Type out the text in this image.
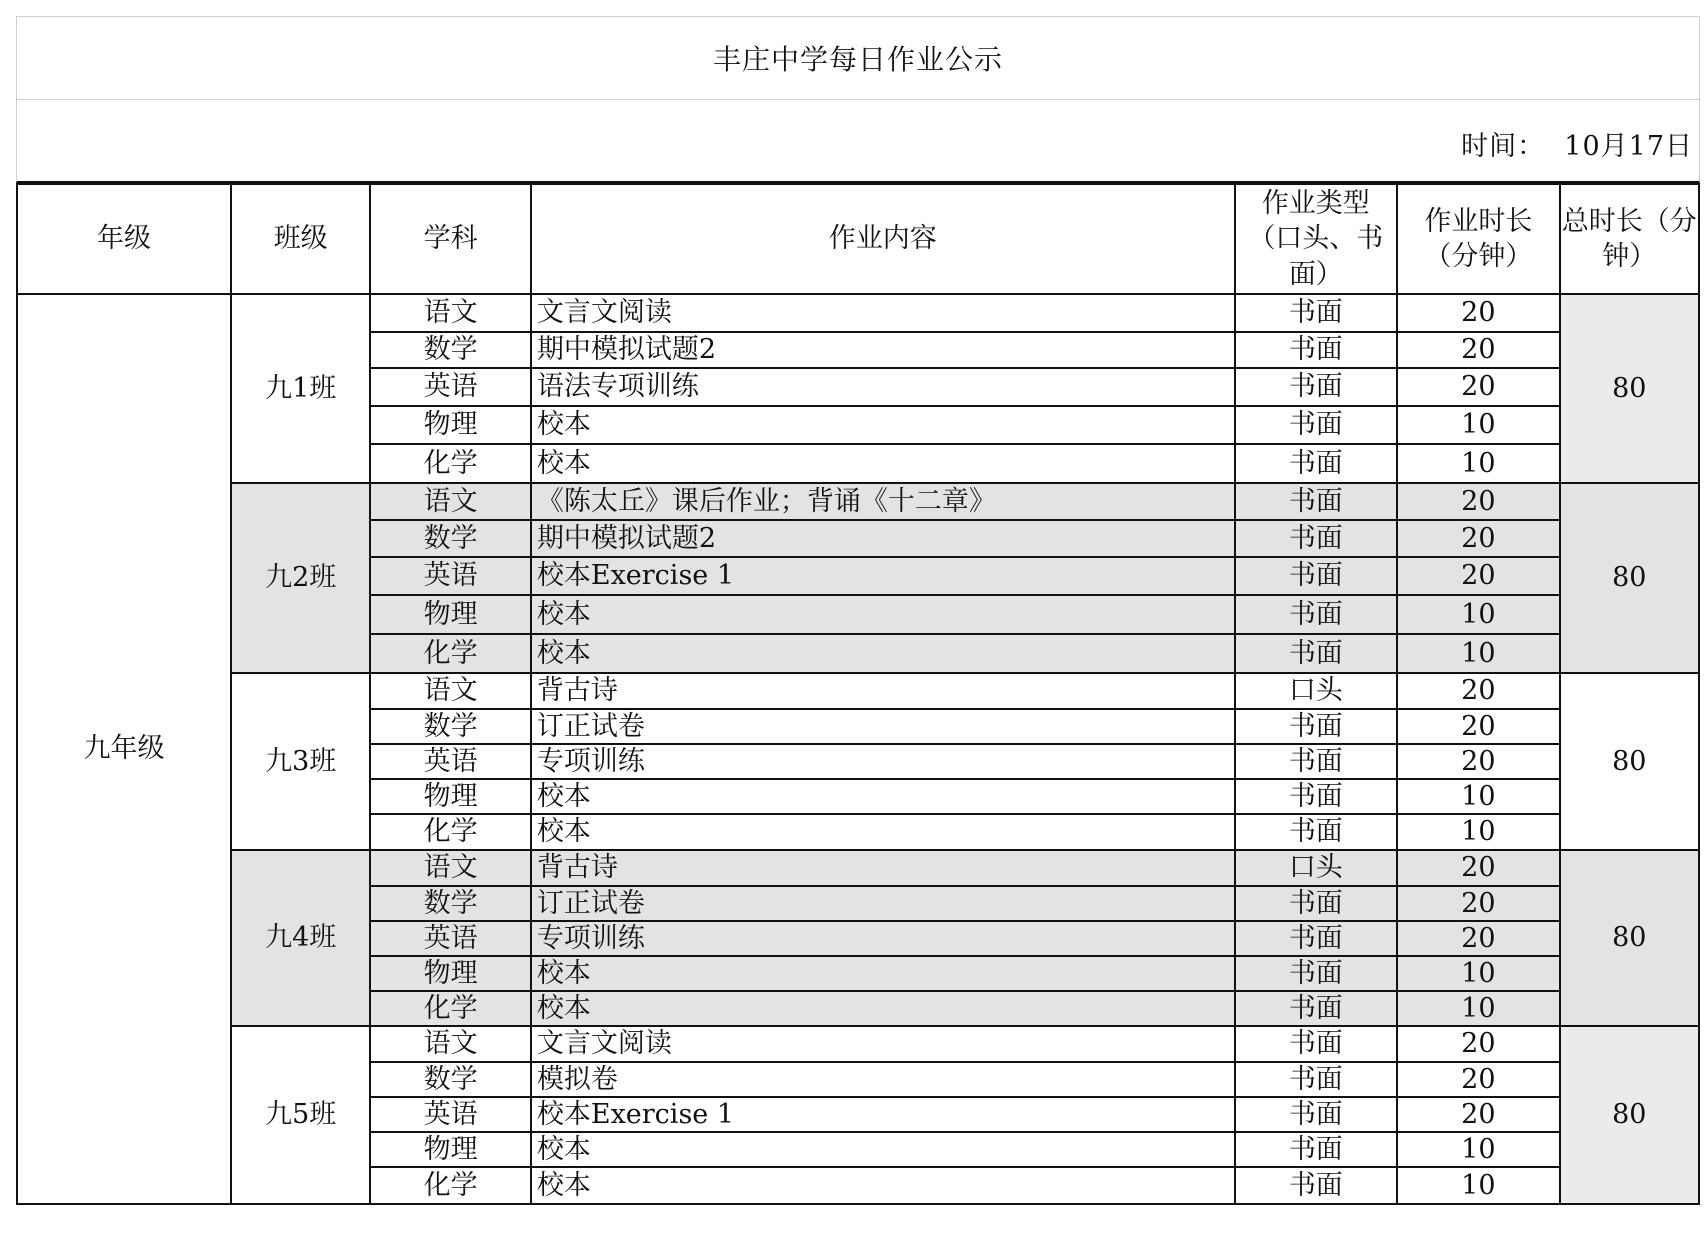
丰庄中学每日作业公示
时间： 10月17日
年级	班级	学科	作业内容	作业类型（口头、书面）	作业时长（分钟）	总时长（分钟）
九年级	九1班	语文	文言文阅读	书面	20	80
		数学	期中模拟试题2	书面	20	
		英语	语法专项训练	书面	20	
		物理	校本	书面	10	
		化学	校本	书面	10	
	九2班	语文	《陈太丘》课后作业；背诵《十二章》	书面	20	80
		数学	期中模拟试题2	书面	20	
		英语	校本Exercise 1	书面	20	
		物理	校本	书面	10	
		化学	校本	书面	10	
	九3班	语文	背古诗	口头	20	80
		数学	订正试卷	书面	20	
		英语	专项训练	书面	20	
		物理	校本	书面	10	
		化学	校本	书面	10	
	九4班	语文	背古诗	口头	20	80
		数学	订正试卷	书面	20	
		英语	专项训练	书面	20	
		物理	校本	书面	10	
		化学	校本	书面	10	
	九5班	语文	文言文阅读	书面	20	80
		数学	模拟卷	书面	20	
		英语	校本Exercise 1	书面	20	
		物理	校本	书面	10	
		化学	校本	书面	10	
